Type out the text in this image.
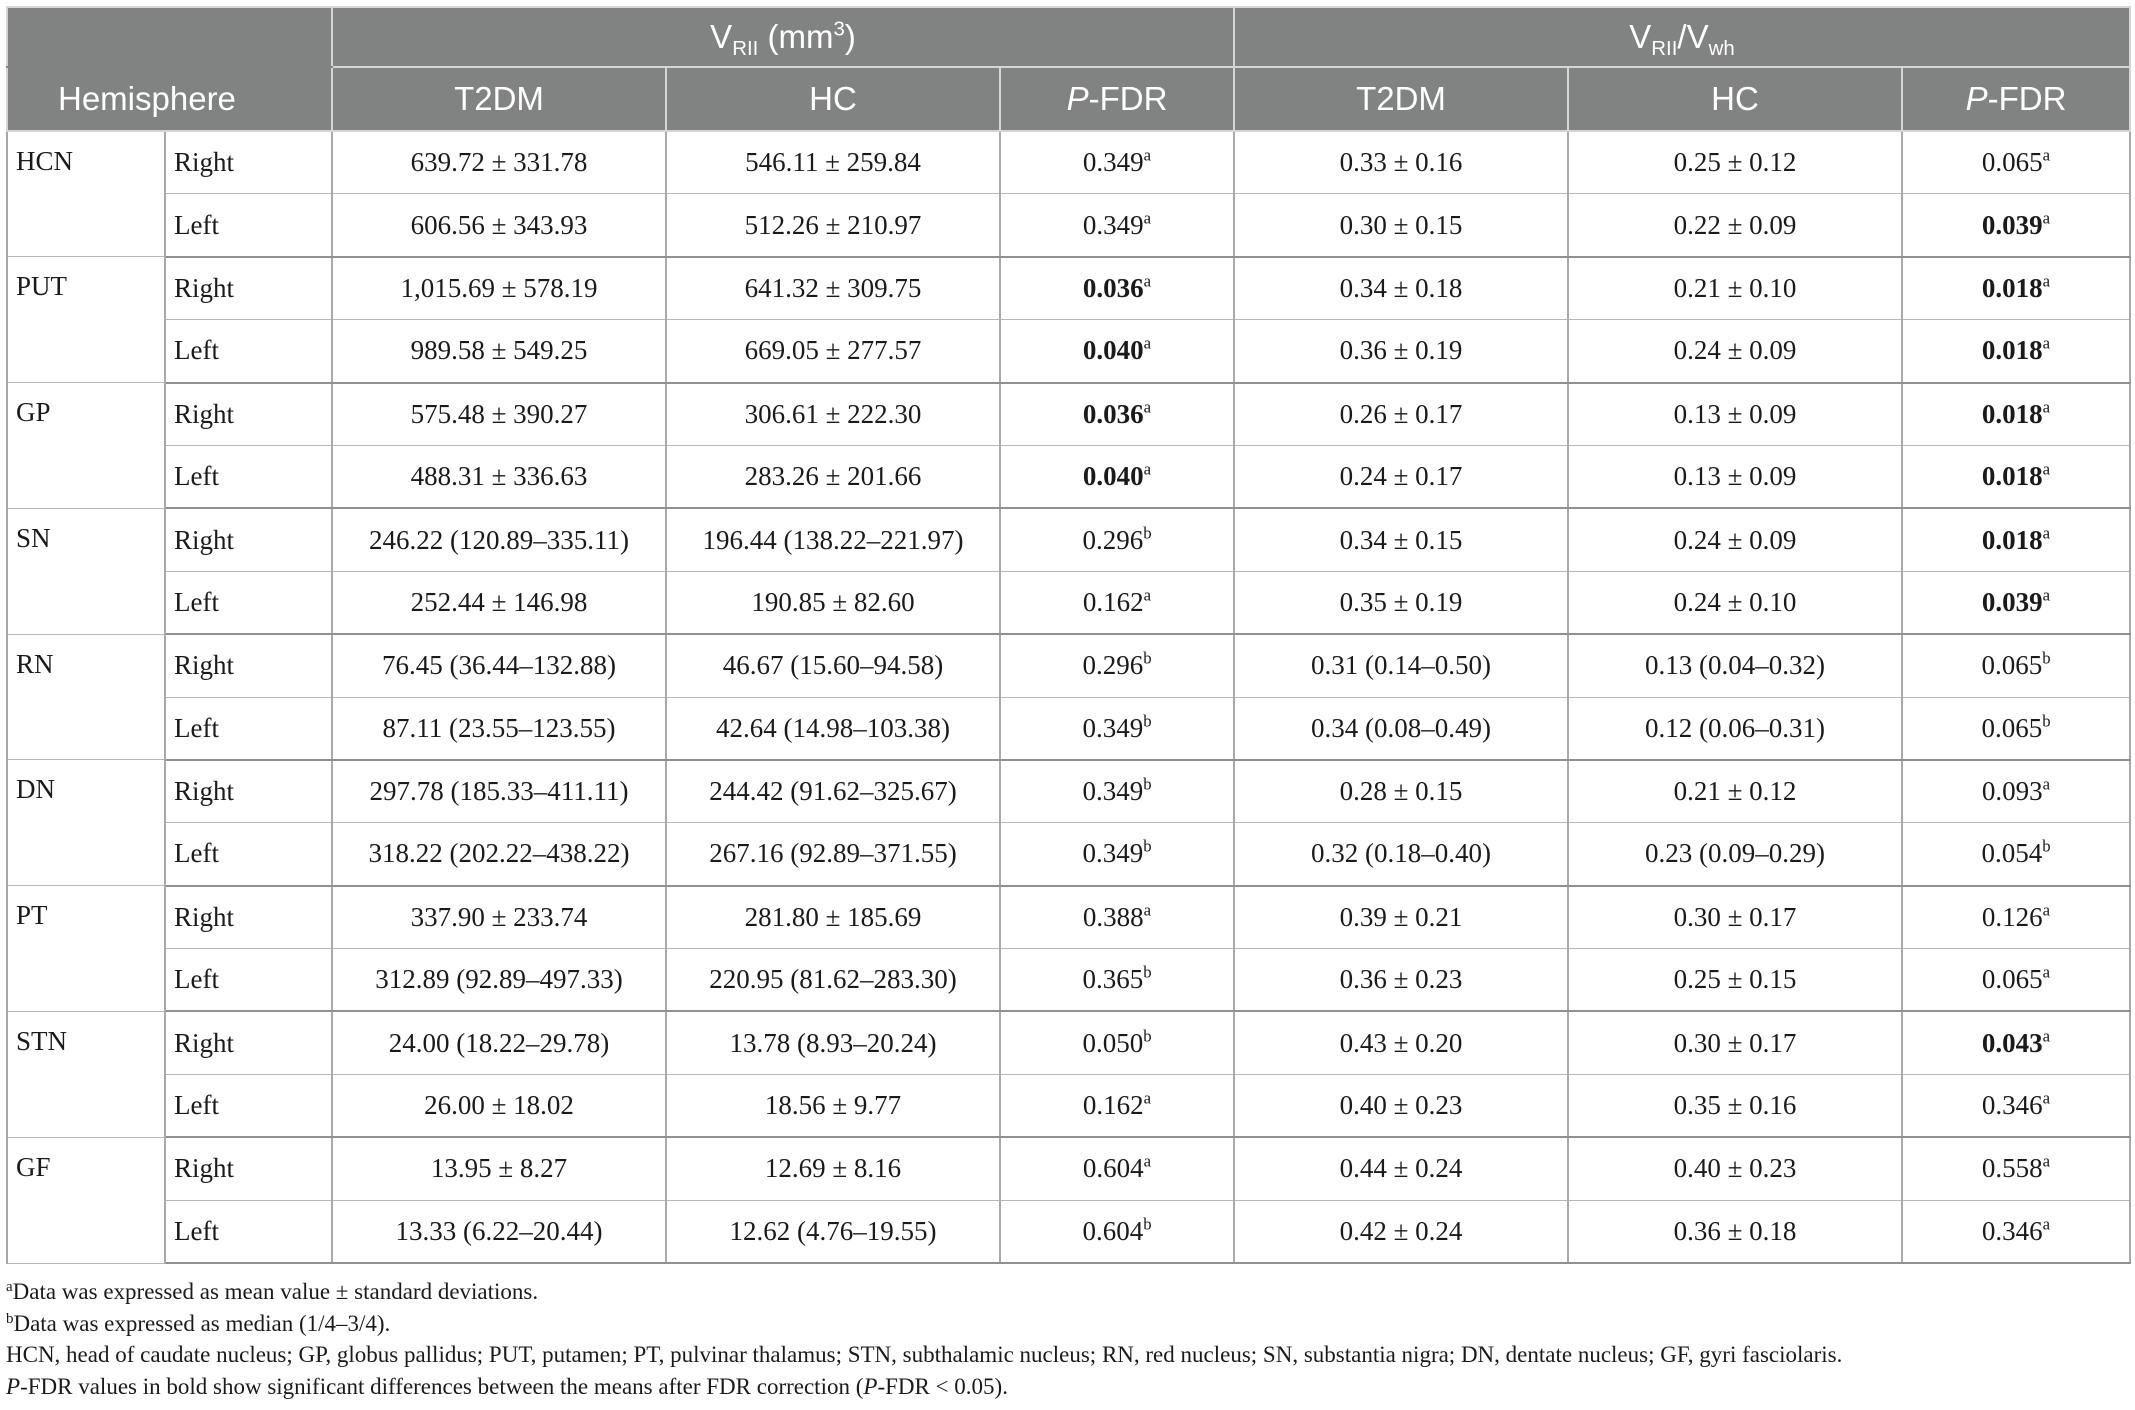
		$V_{RII}$ $(mm^3)$			$V_{RII}/V_{wh}$
Hemisphere		T2DM	HC	P-FDR	T2DM	HC	P-FDR
HCN	Right	639.72 ± 331.78	546.11 ± 259.84	0.349$^a$	0.33 ± 0.16	0.25 ± 0.12	0.065$^a$
	Left	606.56 ± 343.93	512.26 ± 210.97	0.349$^a$	0.30 ± 0.15	0.22 ± 0.09	0.039$^a$
PUT	Right	1,015.69 ± 578.19	641.32 ± 309.75	0.036$^a$	0.34 ± 0.18	0.21 ± 0.10	0.018$^a$
	Left	989.58 ± 549.25	669.05 ± 277.57	0.040$^a$	0.36 ± 0.19	0.24 ± 0.09	0.018$^a$
GP	Right	575.48 ± 390.27	306.61 ± 222.30	0.036$^a$	0.26 ± 0.17	0.13 ± 0.09	0.018$^a$
	Left	488.31 ± 336.63	283.26 ± 201.66	0.040$^a$	0.24 ± 0.17	0.13 ± 0.09	0.018$^a$
SN	Right	246.22 (120.89–335.11)	196.44 (138.22–221.97)	0.296$^b$	0.34 ± 0.15	0.24 ± 0.09	0.018$^a$
	Left	252.44 ± 146.98	190.85 ± 82.60	0.162$^a$	0.35 ± 0.19	0.24 ± 0.10	0.039$^a$
RN	Right	76.45 (36.44–132.88)	46.67 (15.60–94.58)	0.296$^b$	0.31 (0.14–0.50)	0.13 (0.04–0.32)	0.065$^b$
	Left	87.11 (23.55–123.55)	42.64 (14.98–103.38)	0.349$^b$	0.34 (0.08–0.49)	0.12 (0.06–0.31)	0.065$^b$
DN	Right	297.78 (185.33–411.11)	244.42 (91.62–325.67)	0.349$^b$	0.28 ± 0.15	0.21 ± 0.12	0.093$^a$
	Left	318.22 (202.22–438.22)	267.16 (92.89–371.55)	0.349$^b$	0.32 (0.18–0.40)	0.23 (0.09–0.29)	0.054$^b$
PT	Right	337.90 ± 233.74	281.80 ± 185.69	0.388$^a$	0.39 ± 0.21	0.30 ± 0.17	0.126$^a$
	Left	312.89 (92.89–497.33)	220.95 (81.62–283.30)	0.365$^b$	0.36 ± 0.23	0.25 ± 0.15	0.065$^a$
STN	Right	24.00 (18.22–29.78)	13.78 (8.93–20.24)	0.050$^b$	0.43 ± 0.20	0.30 ± 0.17	0.043$^a$
	Left	26.00 ± 18.02	18.56 ± 9.77	0.162$^a$	0.40 ± 0.23	0.35 ± 0.16	0.346$^a$
GF	Right	13.95 ± 8.27	12.69 ± 8.16	0.604$^a$	0.44 ± 0.24	0.40 ± 0.23	0.558$^a$
	Left	13.33 (6.22–20.44)	12.62 (4.76–19.55)	0.604$^b$	0.42 ± 0.24	0.36 ± 0.18	0.346$^a$

$^a$Data was expressed as mean value ± standard deviations.

$^b$Data was expressed as median (1/4–3/4).

HCN, head of caudate nucleus; GP, globus pallidus; PUT, putamen; PT, pulvinar thalamus; STN, subthalamic nucleus; RN, red nucleus; SN, substantia nigra; DN, dentate nucleus; GF, gyri fasciolaris.

P-FDR values in bold show significant differences between the means after FDR correction (P-FDR < 0.05).
